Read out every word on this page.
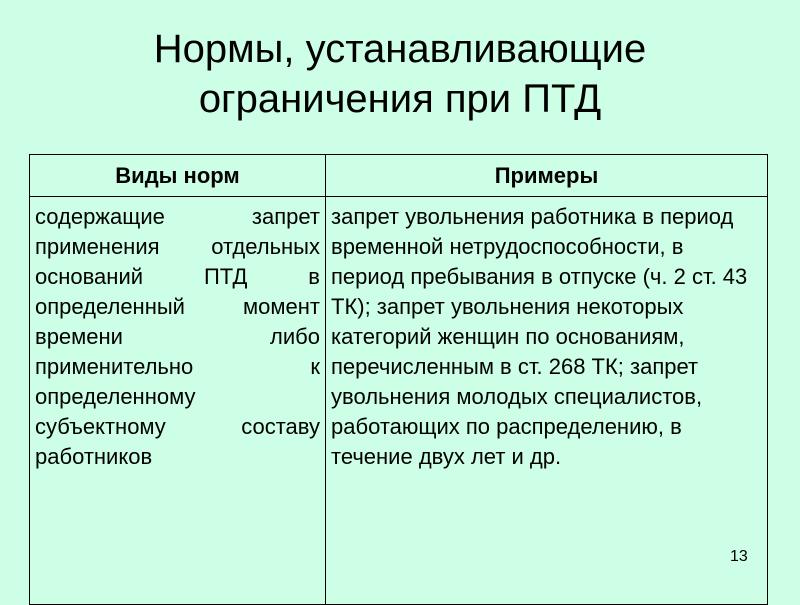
Нормы, устанавливающие
ограничения при ПТД
Виды норм	Примеры
содержащие запрет применения отдельных оснований ПТД в определенный момент времени либо применительно к определенному субъектному составу работников	запрет увольнения работника в период временной нетрудоспособности, в период пребывания в отпуске (ч. 2 ст. 43 ТК); запрет увольнения некоторых категорий женщин по основаниям, перечисленным в ст. 268 ТК; запрет увольнения молодых специалистов, работающих по распределению, в течение двух лет и др.
13
